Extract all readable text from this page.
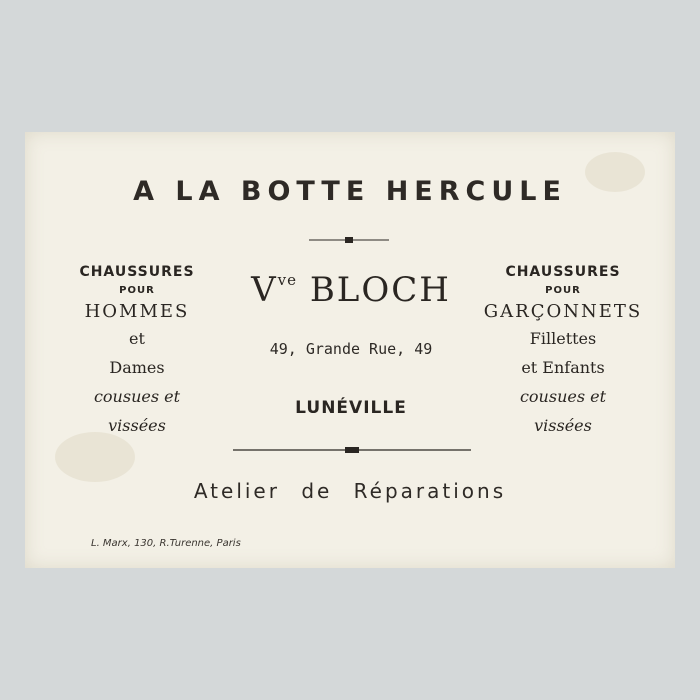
A LA BOTTE HERCULE
CHAUSSURES
POUR
HOMMES
et
Dames
cousues et
vissées
$V^{ve}$ BLOCH
49, Grande Rue, 49
LUNÉVILLE
CHAUSSURES
POUR
GARÇONNETS
Fillettes
et Enfants
cousues et
vissées
Atelier de Réparations
L. Marx, 130, R.Turenne, Paris
